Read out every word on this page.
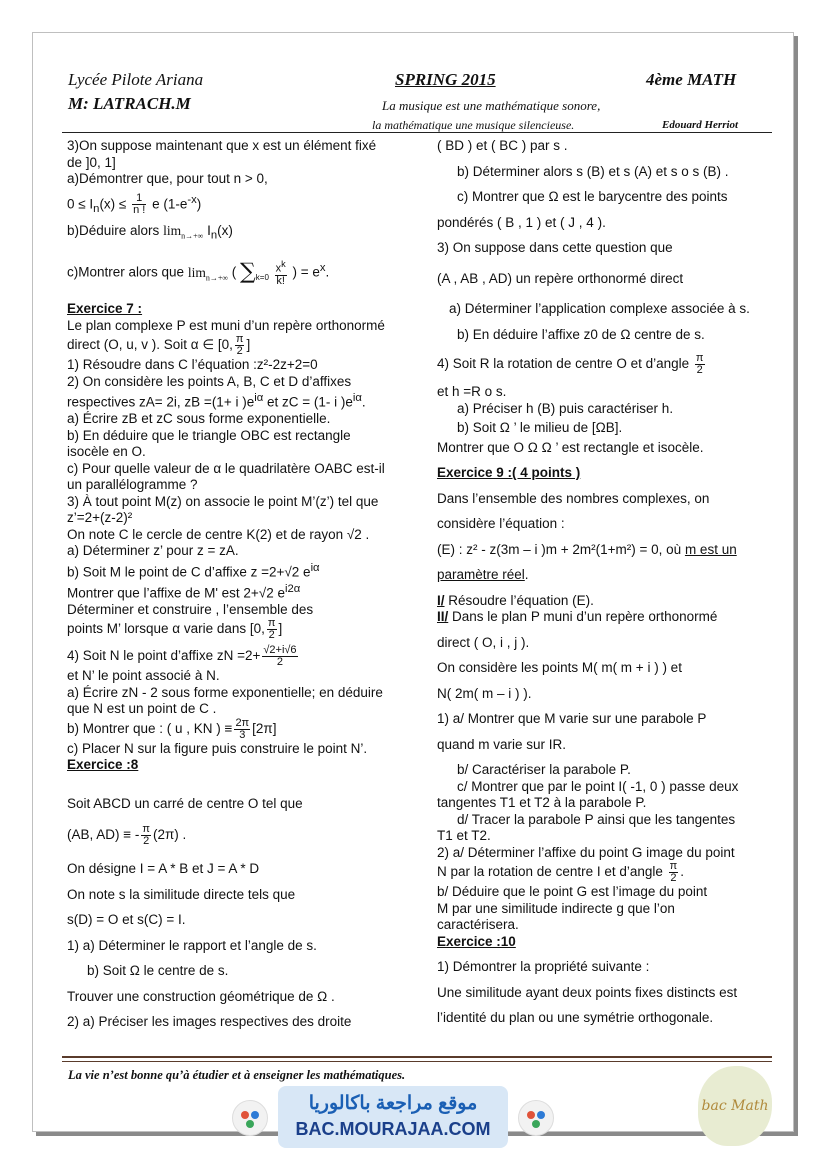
Lycée Pilote Ariana
M: LATRACH.M
SPRING 2015	4ème MATH
La musique est une mathématique sonore,
la mathématique une musique silencieuse.	Edouard Herriot

3)On suppose maintenant que x est un élément fixé

de ]0, 1]

a)Démontrer que, pour tout n > 0,

$0 \le I_n(x) \le \frac{1}{n !}$ e $(1-e^{-x})$

b)Déduire alors $\lim_{n\to+\infty} I_n(x)$

c)Montrer alors que $\lim_{n\to+\infty}$ ( $\sum_{k=0} \frac{x^k}{k!}$ ) = $e^x$.

Exercice 7 :

Le plan complexe P est muni d’un repère orthonormé

direct (O, u, v ). Soit α ∈ [0, $\frac{\pi}{2}$ ]

1) Résoudre dans C l’équation :z²-2z+2=0

2) On considère les points A, B, C et D d’affixes

respectives zA= 2i, zB =(1+ i )$e^{i\alpha}$ et zC = (1- i )$e^{i\alpha}$.

a) Écrire zB et zC sous forme exponentielle.

b) En déduire que le triangle OBC est rectangle

isocèle en O.

c) Pour quelle valeur de α le quadrilatère OABC est-il

un parallélogramme ?

3) À tout point M(z) on associe le point M’(z’) tel que

z’=2+(z-2)²

On note C le cercle de centre K(2) et de rayon √2 .

a) Déterminer z’ pour z = zA.

b) Soit M le point de C d’affixe z =2+√2 $e^{i\alpha}$

Montrer que l’affixe de M' est 2+√2 $e^{i2\alpha}$

Déterminer et construire , l’ensemble des

points M’ lorsque α varie dans [0, $\frac{\pi}{2}$ ]

4) Soit N le point d’affixe zN $=2+ \frac{√2+i√6}{2}$

et N’ le point associé à N.

a) Écrire zN - 2 sous forme exponentielle; en déduire

que N est un point de C .

b) Montrer que : ( u , KN ) ≡ $\frac{2\pi}{3} [2\pi]$

c) Placer N sur la figure puis construire le point N’.

Exercice :8

Soit ABCD un carré de centre O tel que

(AB, AD) ≡ - $\frac{\pi}{2} (2\pi)$ .

On désigne I = A * B et J = A * D

On note s la similitude directe tels que

s(D) = O et s(C) = I.

1) a) Déterminer le rapport et l’angle de s.

b) Soit Ω le centre de s.

Trouver une construction géométrique de Ω .

2) a) Préciser les images respectives des droite

( BD ) et ( BC ) par s .

b) Déterminer alors s (B) et s (A) et s o s (B) .

c) Montrer que Ω est le barycentre des points

pondérés ( B , 1 ) et ( J , 4 ).

3) On suppose dans cette question que

(A , AB , AD) un repère orthonormé direct

a) Déterminer l’application complexe associée à s.

b) En déduire l’affixe z0 de Ω centre de s.

4) Soit R la rotation de centre O et d’angle $\frac{\pi}{2}$

et h =R o s.

a) Préciser h (B) puis caractériser h.

b) Soit Ω ’ le milieu de [ΩB].

Montrer que O Ω Ω ’ est rectangle et isocèle.

Exercice 9 :( 4 points )

Dans l’ensemble des nombres complexes, on

considère l’équation :

(E) : z² - z(3m – i )m + 2m²(1+m²) = 0, où m est un

paramètre réel.

I/ Résoudre l’équation (E).

II/ Dans le plan P muni d’un repère orthonormé

direct ( O, i , j ).

On considère les points M( m( m + i ) ) et

N( 2m( m – i ) ).

1) a/ Montrer que M varie sur une parabole P

quand m varie sur IR.

b/ Caractériser la parabole P.

c/ Montrer que par le point I( -1, 0 ) passe deux

tangentes T1 et T2 à la parabole P.

d/ Tracer la parabole P ainsi que les tangentes

T1 et T2.

2) a/ Déterminer l’affixe du point G image du point

N par la rotation de centre I et d’angle $\frac{\pi}{2}$ .

b/ Déduire que le point G est l’image du point

M par une similitude indirecte g que l’on

caractérisera.

Exercice :10

1) Démontrer la propriété suivante :

Une similitude ayant deux points fixes distincts est

l’identité du plan ou une symétrie orthogonale.

La vie n’est bonne qu’à étudier et à enseigner les mathématiques.
موقع مراجعة باكالوريا
BAC.MOURAJAA.COM
bac Math
